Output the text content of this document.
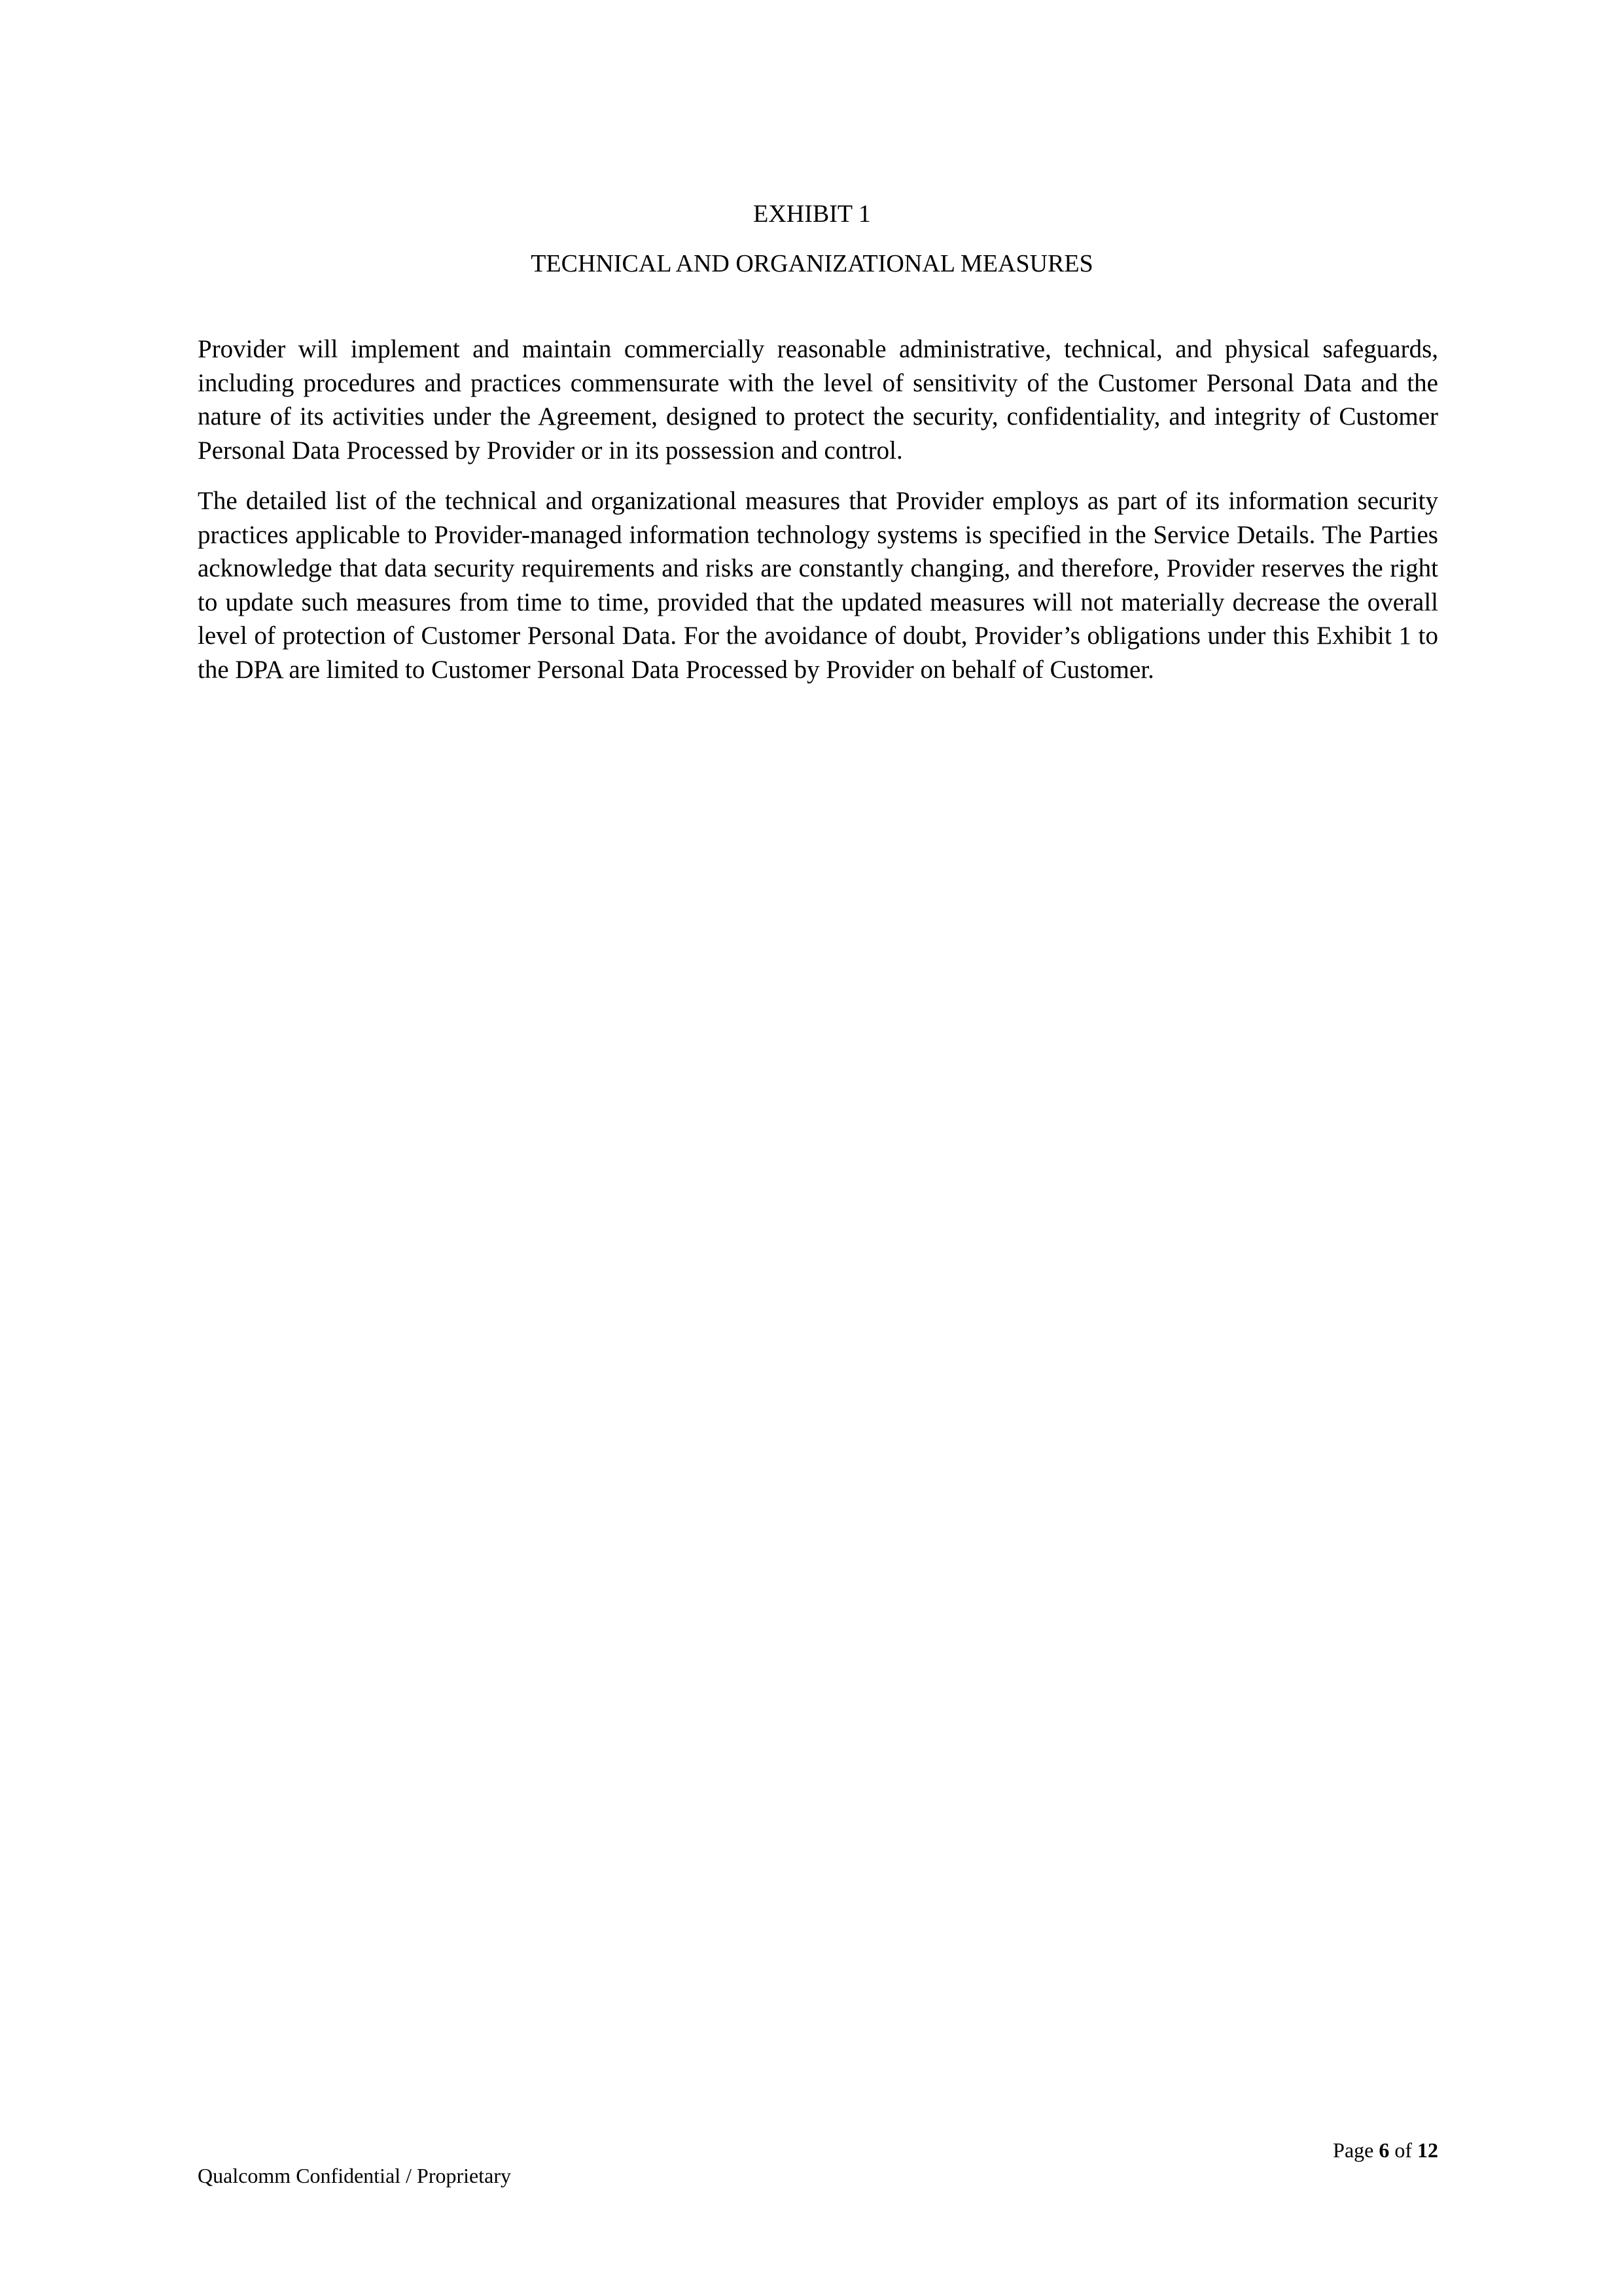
EXHIBIT 1
TECHNICAL AND ORGANIZATIONAL MEASURES

Provider will implement and maintain commercially reasonable administrative, technical, and physical safeguards, including procedures and practices commensurate with the level of sensitivity of the Customer Personal Data and the nature of its activities under the Agreement, designed to protect the security, confidentiality, and integrity of Customer Personal Data Processed by Provider or in its possession and control.

The detailed list of the technical and organizational measures that Provider employs as part of its information security practices applicable to Provider-managed information technology systems is specified in the Service Details. The Parties acknowledge that data security requirements and risks are constantly changing, and therefore, Provider reserves the right to update such measures from time to time, provided that the updated measures will not materially decrease the overall level of protection of Customer Personal Data. For the avoidance of doubt, Provider’s obligations under this Exhibit 1 to the DPA are limited to Customer Personal Data Processed by Provider on behalf of Customer.

Page 6 of 12
Qualcomm Confidential / Proprietary
